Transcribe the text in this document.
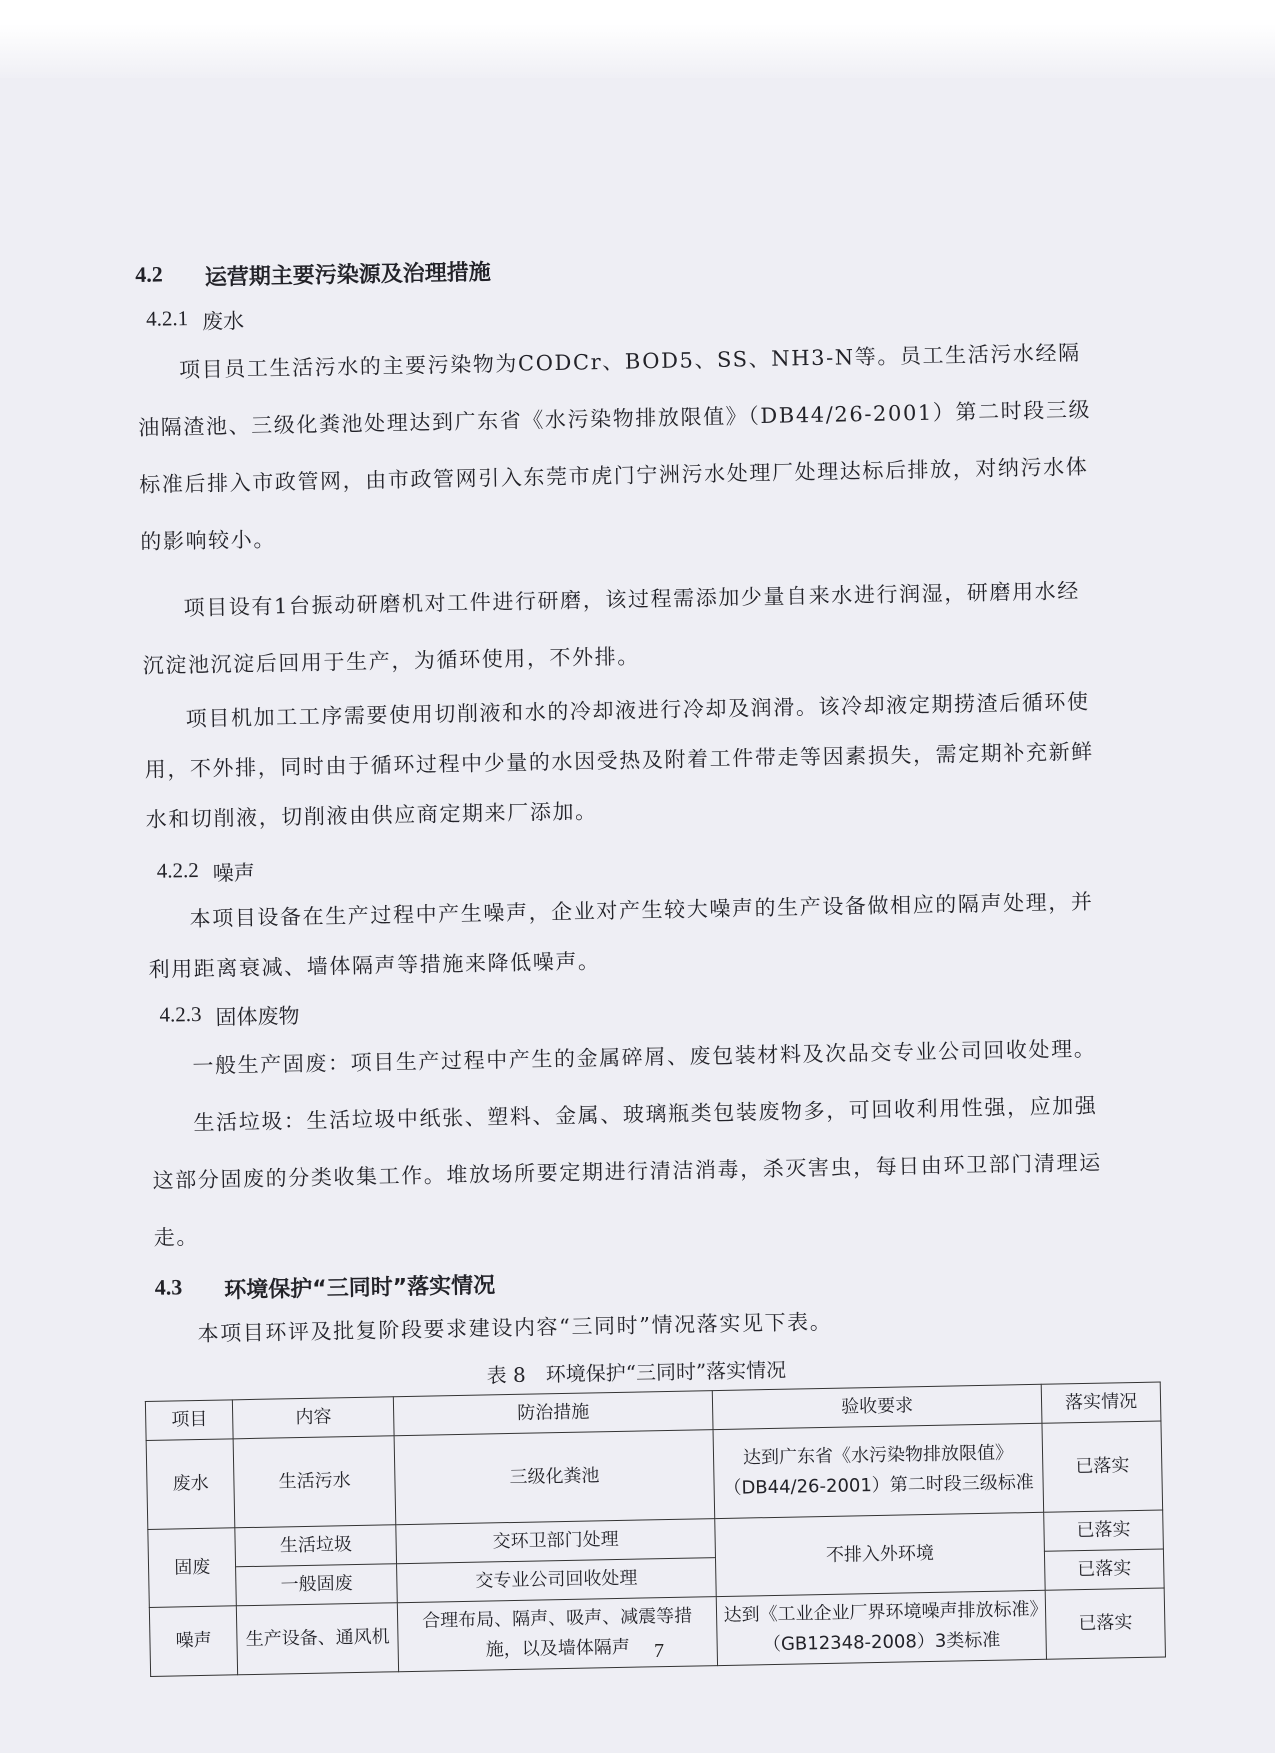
4.2 运营期主要污染源及治理措施
4.2.1 废水

项目员工生活污水的主要污染物为CODCr、BOD5、SS、NH3-N等。员工生活污水经隔油隔渣池、三级化粪池处理达到广东省《水污染物排放限值》（DB44/26-2001）第二时段三级标准后排入市政管网，由市政管网引入东莞市虎门宁洲污水处理厂处理达标后排放，对纳污水体的影响较小。

项目设有1台振动研磨机对工件进行研磨，该过程需添加少量自来水进行润湿，研磨用水经沉淀池沉淀后回用于生产，为循环使用，不外排。

项目机加工工序需要使用切削液和水的冷却液进行冷却及润滑。该冷却液定期捞渣后循环使用，不外排，同时由于循环过程中少量的水因受热及附着工件带走等因素损失，需定期补充新鲜水和切削液，切削液由供应商定期来厂添加。

4.2.2 噪声

本项目设备在生产过程中产生噪声，企业对产生较大噪声的生产设备做相应的隔声处理，并利用距离衰减、墙体隔声等措施来降低噪声。

4.2.3 固体废物

一般生产固废：项目生产过程中产生的金属碎屑、废包装材料及次品交专业公司回收处理。

生活垃圾：生活垃圾中纸张、塑料、金属、玻璃瓶类包装废物多，可回收利用性强，应加强这部分固废的分类收集工作。堆放场所要定期进行清洁消毒，杀灭害虫，每日由环卫部门清理运走。

4.3 环境保护“三同时”落实情况

本项目环评及批复阶段要求建设内容“三同时”情况落实见下表。

表 8　环境保护“三同时”落实情况
项目	内容	防治措施	验收要求	落实情况
废水	生活污水	三级化粪池	达到广东省《水污染物排放限值》（DB44/26-2001）第二时段三级标准	已落实
固废	生活垃圾	交环卫部门处理	不排入外环境	已落实
	一般固废	交专业公司回收处理		已落实
噪声	生产设备、通风机	合理布局、隔声、吸声、减震等措施，以及墙体隔声	达到《工业企业厂界环境噪声排放标准》（GB12348-2008）3类标准	已落实
7
